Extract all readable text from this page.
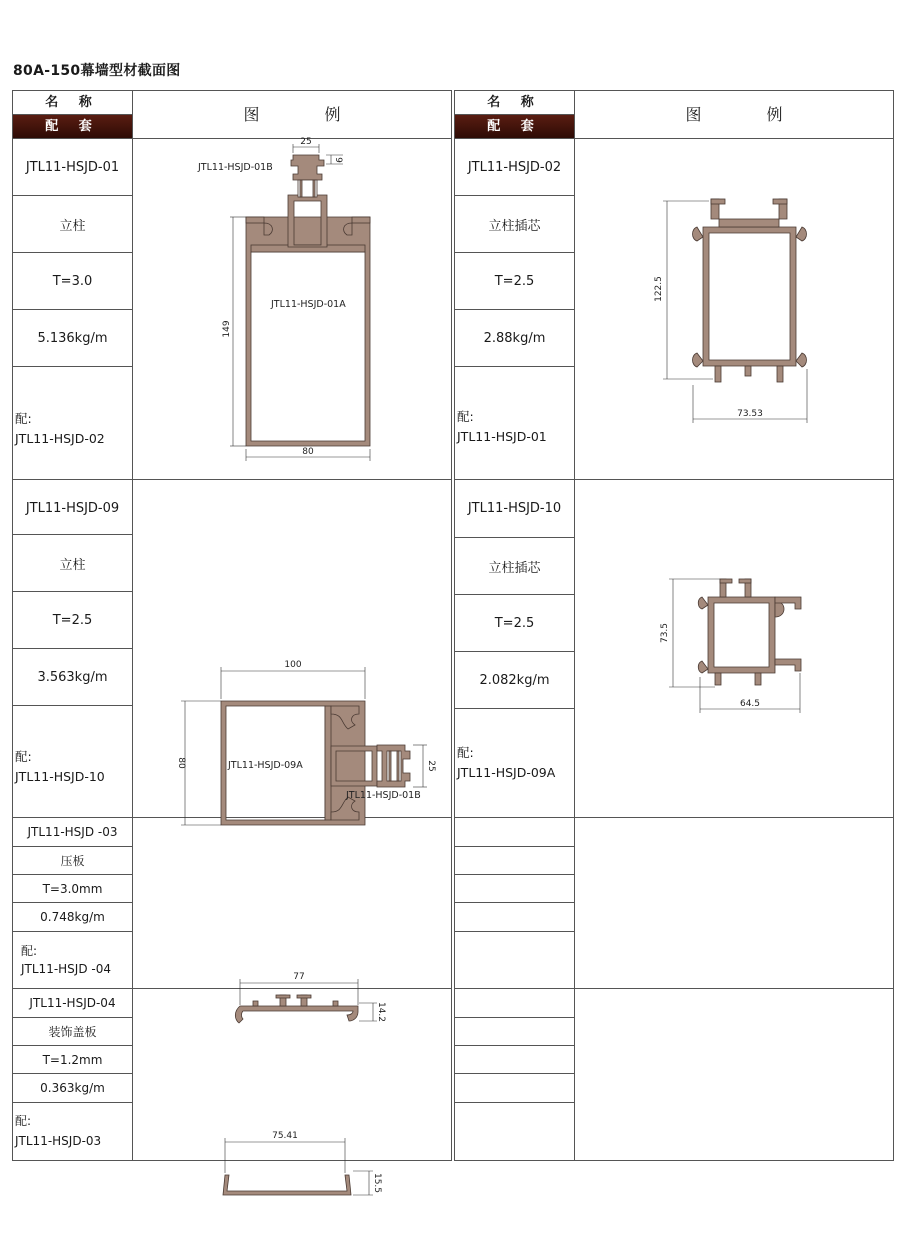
80A-150幕墙型材截面图
名 称
配 套
图 例
JTL11-HSJD-01
立柱
T=3.0
5.136kg/m
配:
JTL11-HSJD-02
JTL11-HSJD-09
立柱
T=2.5
3.563kg/m
配:
JTL11-HSJD-10
JTL11-HSJD -03
压板
T=3.0mm
0.748kg/m
配:
JTL11-HSJD -04
JTL11-HSJD-04
装饰盖板
T=1.2mm
0.363kg/m
配:
JTL11-HSJD-03
25
9
JTL11-HSJD-01B
JTL11-HSJD-01A
149
80
100
80	JTL11-HSJD-09A
JTL11-HSJD-01B
25
77
14.2
75.41
15.5
名 称
配 套
图 例
JTL11-HSJD-02
立柱插芯
T=2.5
2.88kg/m
配:
JTL11-HSJD-01
JTL11-HSJD-10
立柱插芯
T=2.5
2.082kg/m
配:
JTL11-HSJD-09A
122.5
73.53
73.5
64.5
